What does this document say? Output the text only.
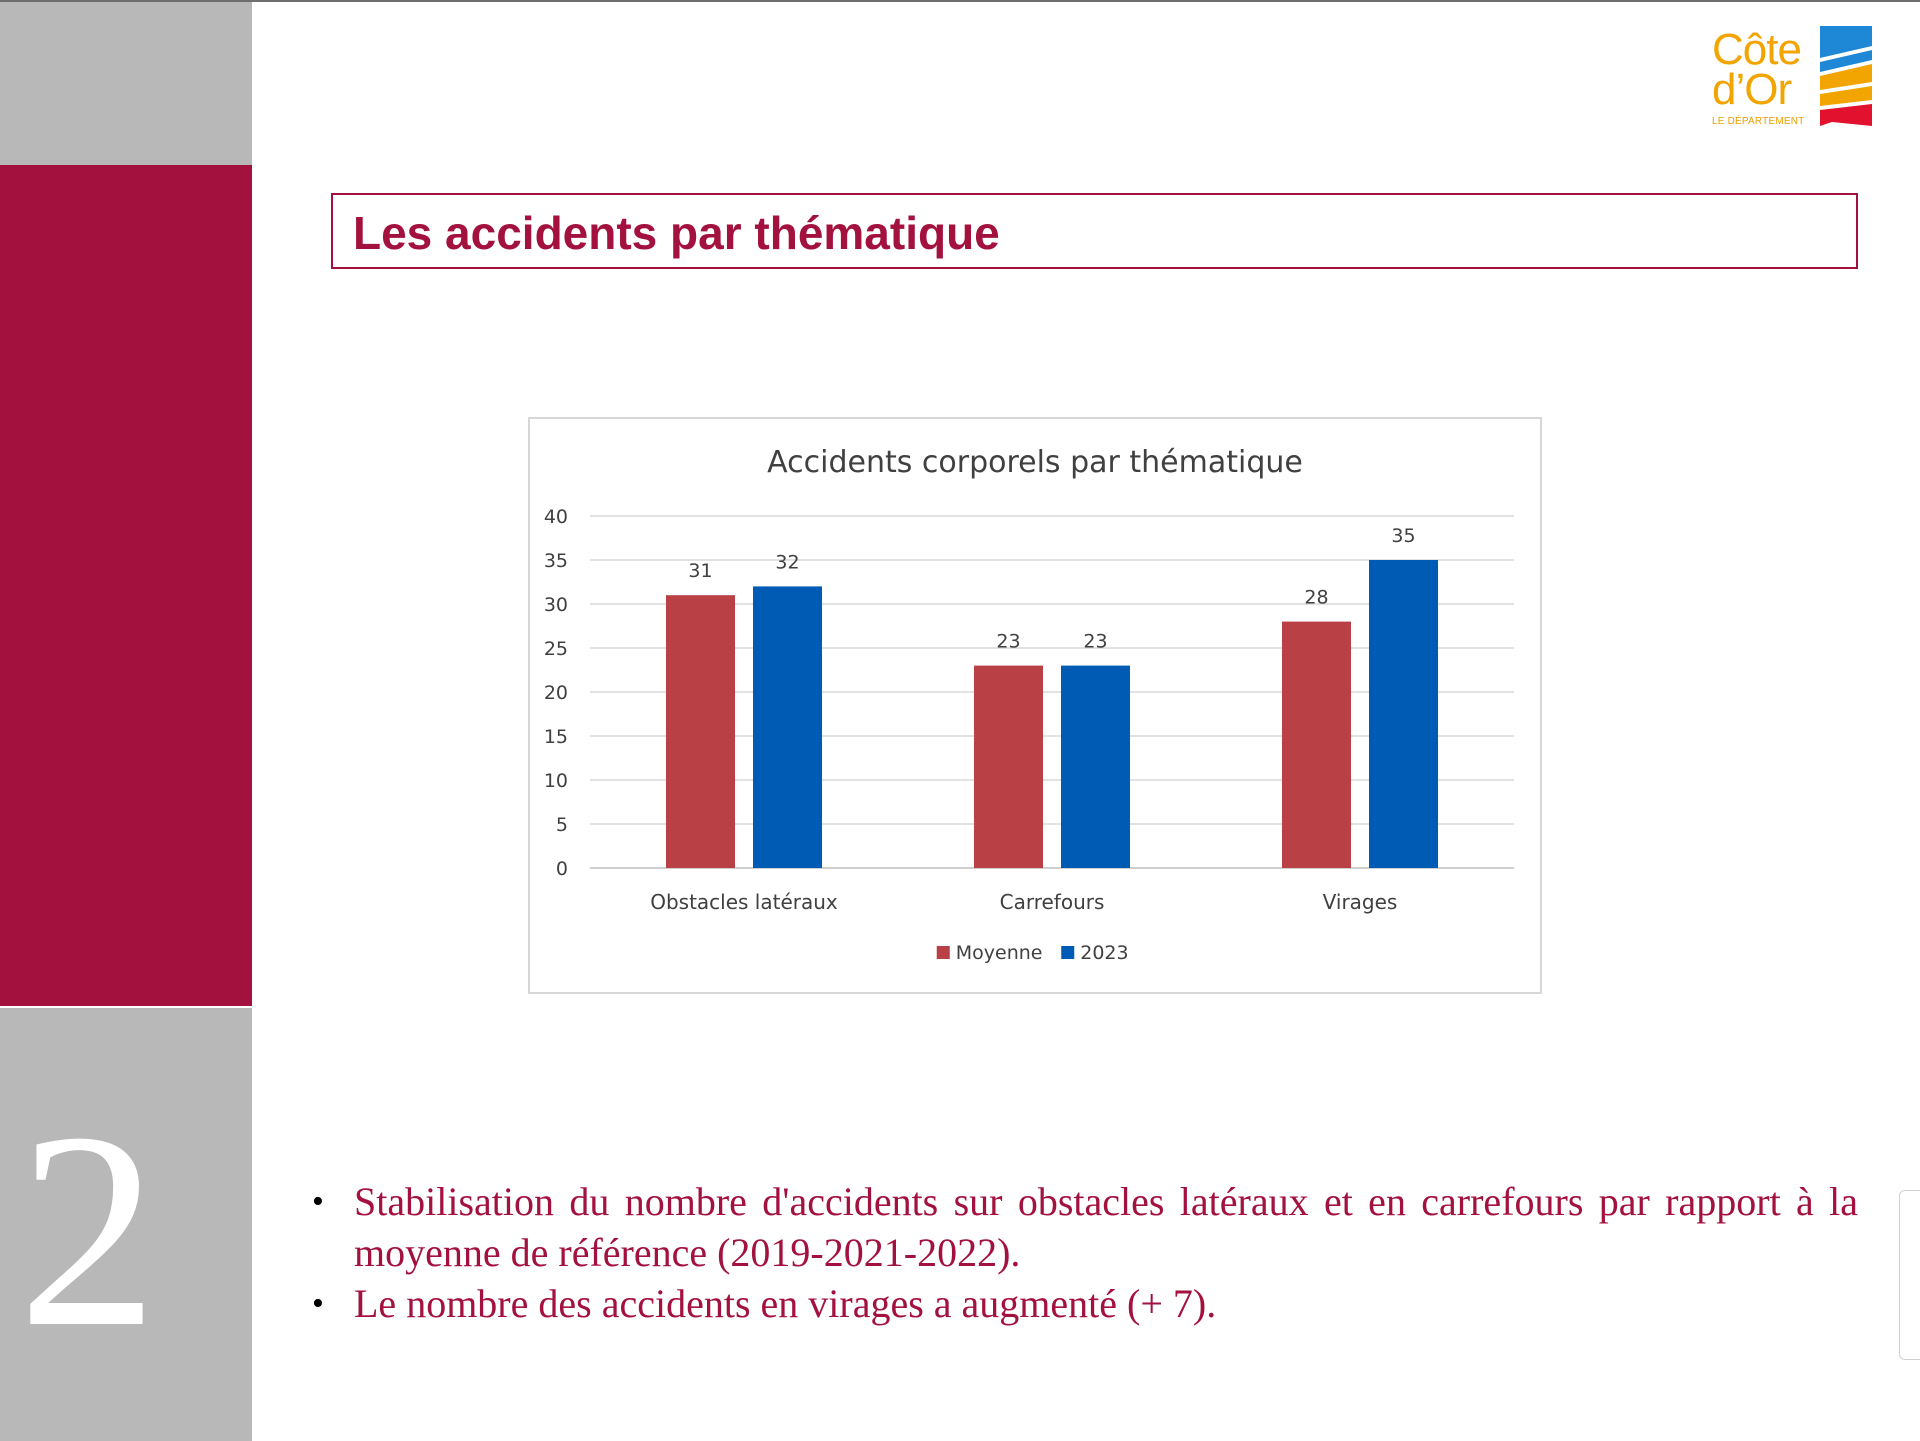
2
Côte
d’Or
LE DÉPARTEMENT
Les accidents par thématique
Accidents corporels par thématique
0
5
10
15
20
25
30
35
40
31	32
23	23
28
35
Obstacles latéraux	Carrefours	Virages
Moyenne 2023
• Stabilisation du nombre d'accidents sur obstacles latéraux et en carrefours par rapport à la moyenne de référence (2019-2021-2022).
• Le nombre des accidents en virages a augmenté (+ 7).
